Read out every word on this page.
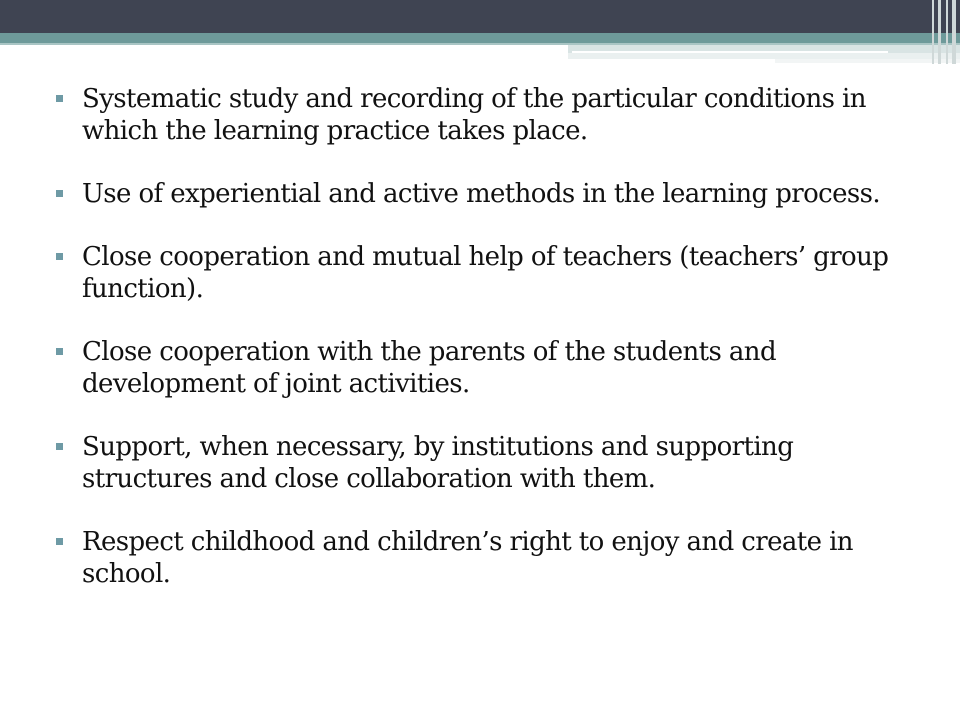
Systematic study and recording of the particular conditions in which the learning practice takes place.
Use of experiential and active methods in the learning process.
Close cooperation and mutual help of teachers (teachers’ group function).
Close cooperation with the parents of the students and development of joint activities.
Support, when necessary, by institutions and supporting structures and close collaboration with them.
Respect childhood and children’s right to enjoy and create in school.
